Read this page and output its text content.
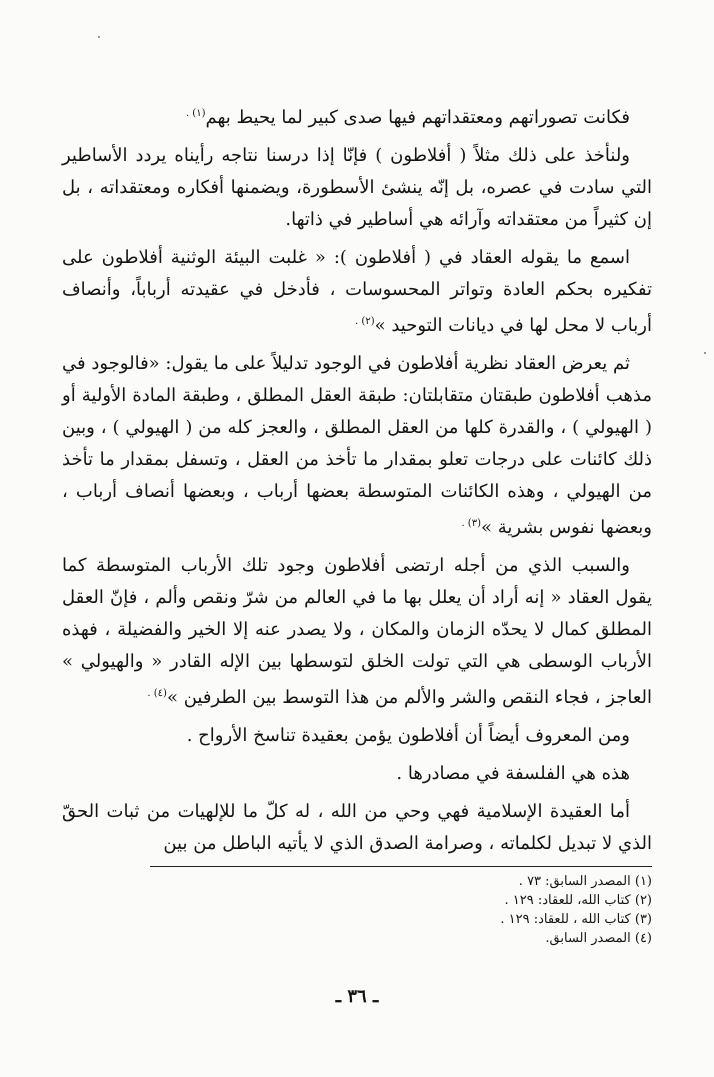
فكانت تصوراتهم ومعتقداتهم فيها صدى كبير لما يحيط بهم$^{(١) .}$

ولنأخذ على ذلك مثلاً ( أفلاطون ) فإنّا إذا درسنا نتاجه رأيناه يردد الأساطير التي سادت في عصره، بل إنّه ينشئ الأسطورة، ويضمنها أفكاره ومعتقداته ، بل إن كثيراً من معتقداته وآرائه هي أساطير في ذاتها.

اسمع ما يقوله العقاد في ( أفلاطون ): « غلبت البيئة الوثنية أفلاطون على تفكيره بحكم العادة وتواتر المحسوسات ، فأدخل في عقيدته أرباباً، وأنصاف أرباب لا محل لها في ديانات التوحيد »$^{(٢) .}$

ثم يعرض العقاد نظرية أفلاطون في الوجود تدليلاً على ما يقول: «فالوجود في مذهب أفلاطون طبقتان متقابلتان: طبقة العقل المطلق ، وطبقة المادة الأولية أو ( الهيولي ) ، والقدرة كلها من العقل المطلق ، والعجز كله من ( الهيولي ) ، وبين ذلك كائنات على درجات تعلو بمقدار ما تأخذ من العقل ، وتسفل بمقدار ما تأخذ من الهيولي ، وهذه الكائنات المتوسطة بعضها أرباب ، وبعضها أنصاف أرباب ، وبعضها نفوس بشرية »$^{(٣) .}$

والسبب الذي من أجله ارتضى أفلاطون وجود تلك الأرباب المتوسطة كما يقول العقاد « إنه أراد أن يعلل بها ما في العالم من شرّ ونقص وألم ، فإنّ العقل المطلق كمال لا يحدّه الزمان والمكان ، ولا يصدر عنه إلا الخير والفضيلة ، فهذه الأرباب الوسطى هي التي تولت الخلق لتوسطها بين الإله القادر « والهيولي » العاجز ، فجاء النقص والشر والألم من هذا التوسط بين الطرفين »$^{(٤) .}$

ومن المعروف أيضاً أن أفلاطون يؤمن بعقيدة تناسخ الأرواح .

هذه هي الفلسفة في مصادرها .

أما العقيدة الإسلامية فهي وحي من الله ، له كلّ ما للإلهيات من ثبات الحقّ الذي لا تبديل لكلماته ، وصرامة الصدق الذي لا يأتيه الباطل من بين

(١) المصدر السابق: ٧٣ .

(٢) كتاب الله، للعقاد: ١٢٩ .

(٣) كتاب الله ، للعقاد: ١٢٩ .

(٤) المصدر السابق.

ـ ٣٦ ـ
